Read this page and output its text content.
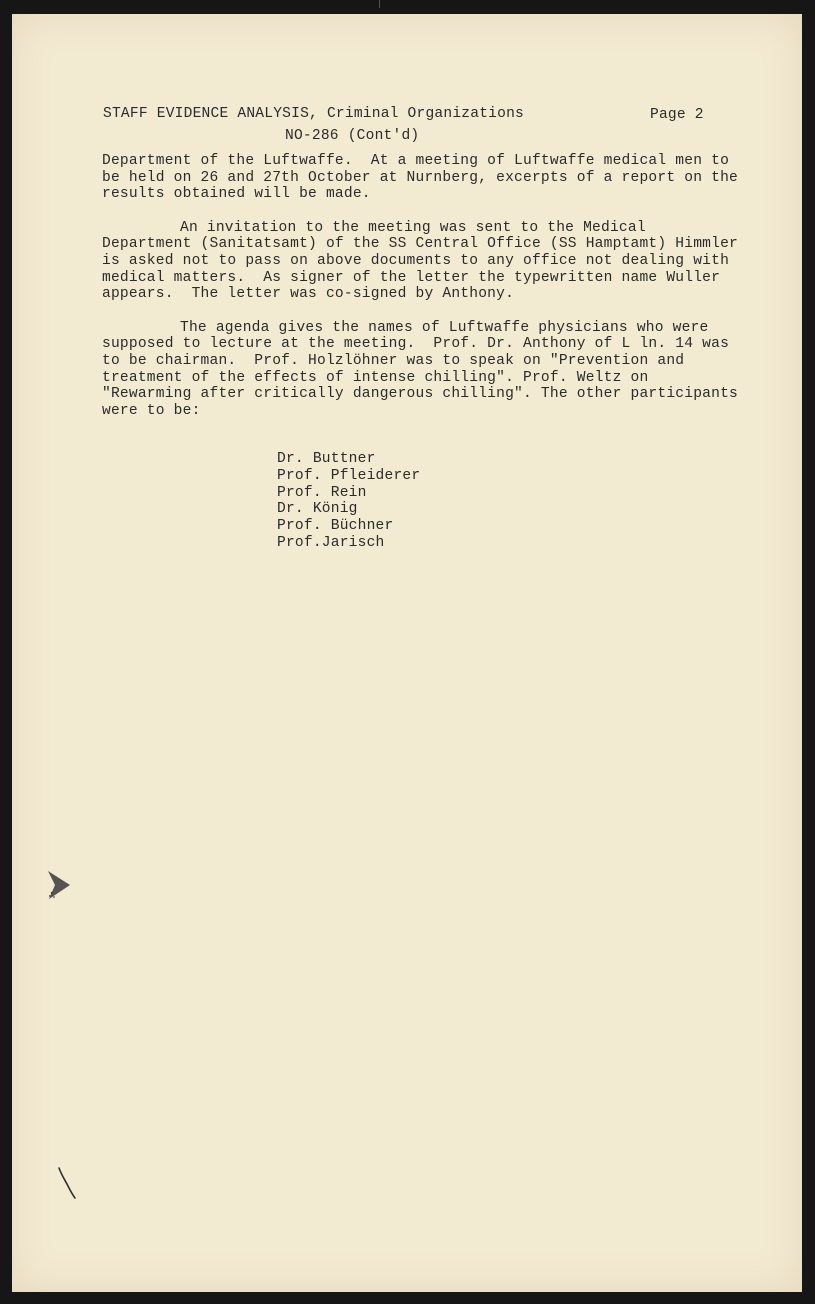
STAFF EVIDENCE ANALYSIS, Criminal Organizations	Page 2
NO-286 (Cont'd)

Department of the Luftwaffe.  At a meeting of Luftwaffe medical men to be held on 26 and 27th October at Nurnberg, excerpts of a report on the results obtained will be made.

An invitation to the meeting was sent to the Medical Department (Sanitatsamt) of the SS Central Office (SS Hamptamt) Himmler is asked not to pass on above documents to any office not dealing with medical matters.  As signer of the letter the typewritten name Wuller appears.  The letter was co-signed by Anthony.

The agenda gives the names of Luftwaffe physicians who were supposed to lecture at the meeting.  Prof. Dr. Anthony of L ln. 14 was to be chairman.  Prof. Holzlöhner was to speak on "Prevention and treatment of the effects of intense chilling". Prof. Weltz on "Rewarming after critically dangerous chilling". The other participants were to be:

Dr. Buttner
Prof. Pfleiderer
Prof. Rein
Dr. König
Prof. Büchner
Prof.Jarisch
